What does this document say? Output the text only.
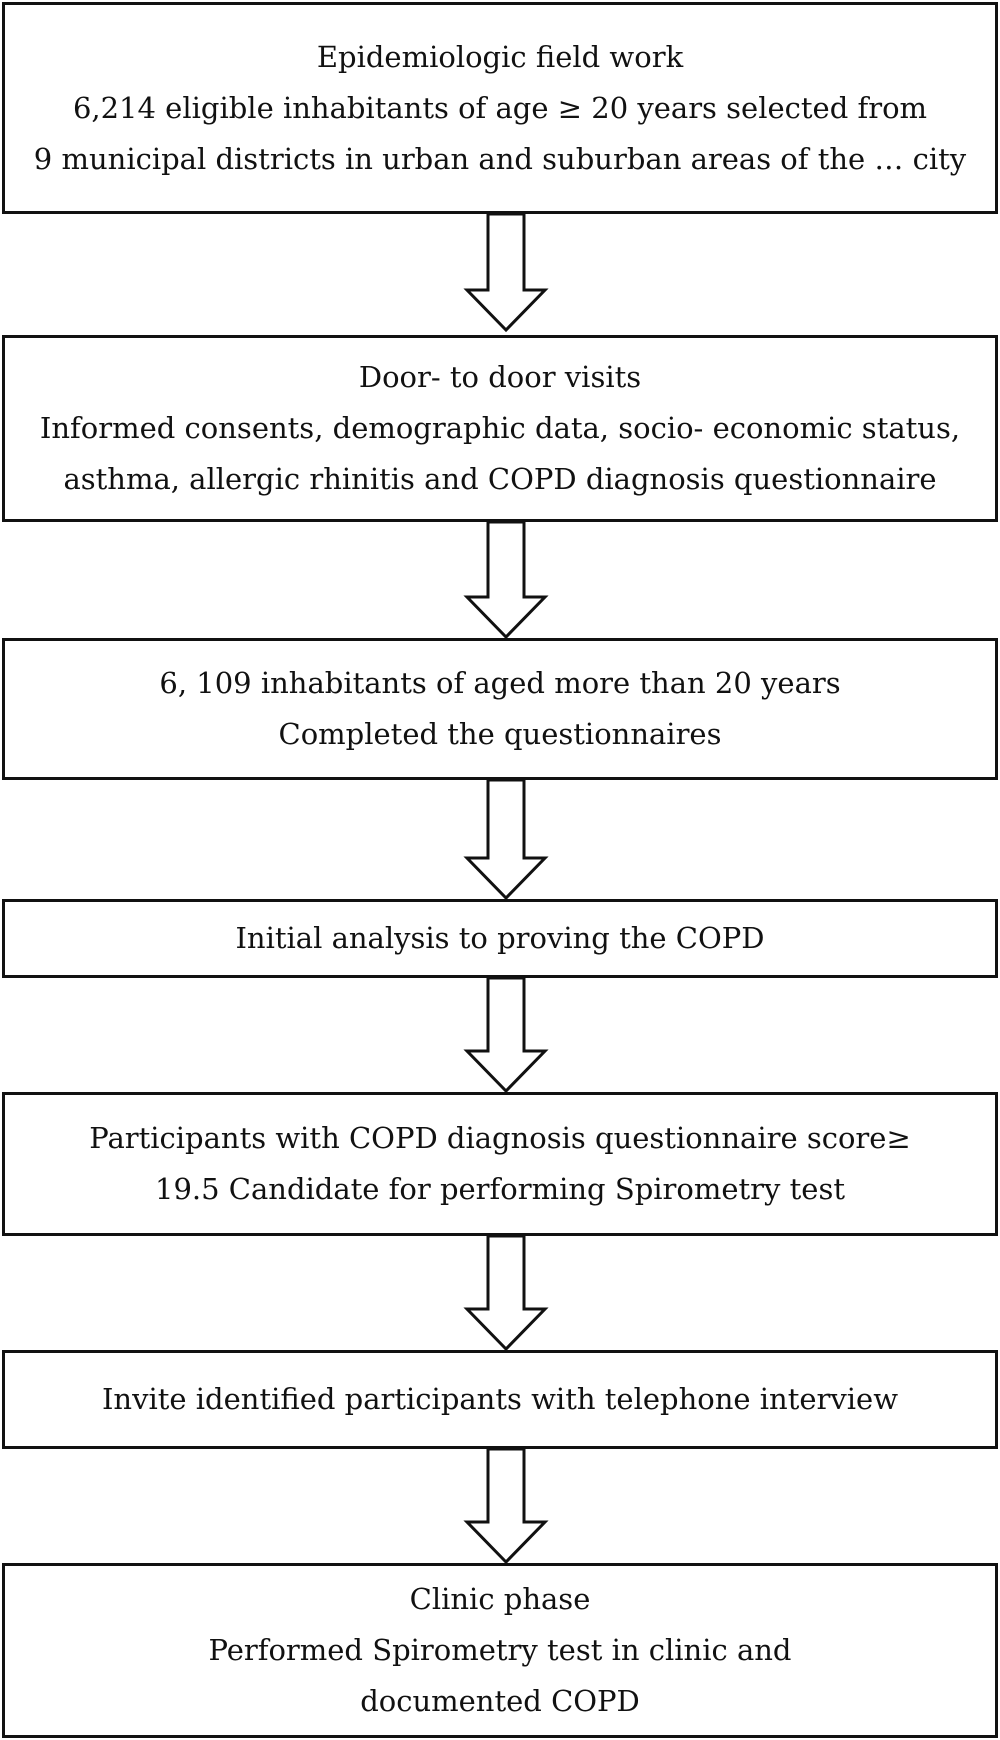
Epidemiologic field work
6,214 eligible inhabitants of age ≥ 20 years selected from
9 municipal districts in urban and suburban areas of the … city
Door- to door visits
Informed consents, demographic data, socio- economic status,
asthma, allergic rhinitis and COPD diagnosis questionnaire
6, 109 inhabitants of aged more than 20 years
Completed the questionnaires
Initial analysis to proving the COPD
Participants with COPD diagnosis questionnaire score≥
19.5 Candidate for performing Spirometry test
Invite identified participants with telephone interview
Clinic phase
Performed Spirometry test in clinic and
documented COPD
